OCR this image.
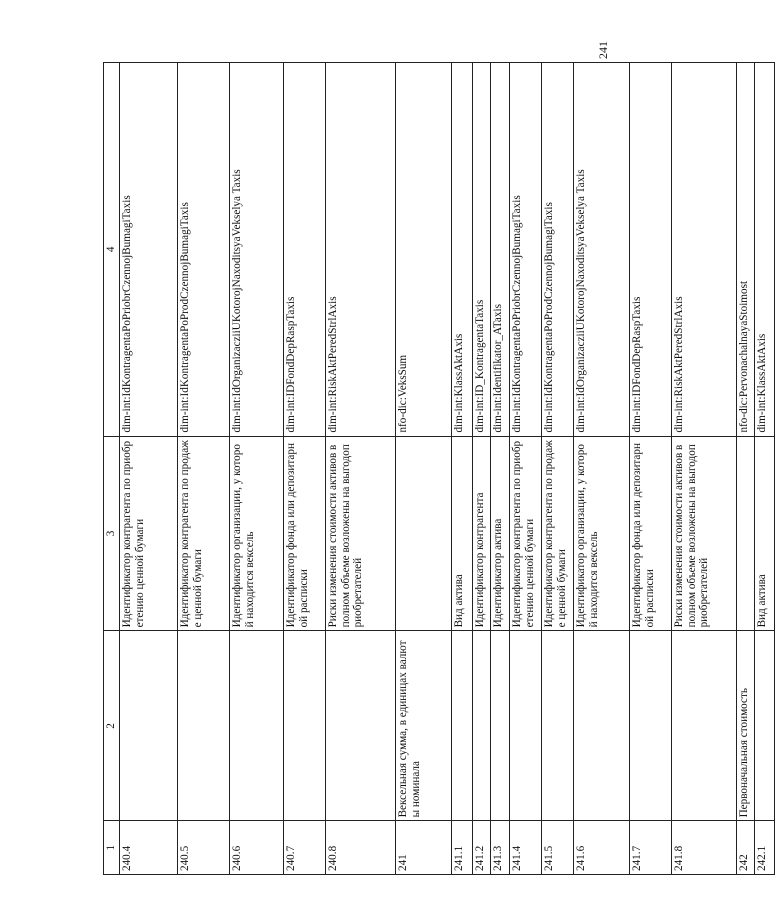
1	2	3	4
240.4		Идентификатор контрагента по приобретению ценной бумаги	dim-int:IdKontragentaPoPriobrCzennojBumagiTaxis
240.5		Идентификатор контрагента по продаже ценной бумаги	dim-int:IdKontragentaPoProdCzennojBumagiTaxis
240.6		Идентификатор организации, у которой находится вексель	dim-int:IdOrganizacziiUKotorojNaxoditsyaVekselya Taxis
240.7		Идентификатор фонда или депозитарной расписки	dim-int:IDFondDepRaspTaxis
240.8		Риски изменения стоимости активов в полном объеме возложены на выгодоприобретателей	dim-int:RiskAktPeredStrlAxis
241	Вексельная сумма, в единицах валюты номинала		nfo-dic:VeksSum
241.1		Вид актива	dim-int:KlassAktAxis
241.2		Идентификатор контрагента	dim-int:ID_KontragentaTaxis
241.3		Идентификатор актива	dim-int:Identifikator_ATaxis
241.4		Идентификатор контрагента по приобретению ценной бумаги	dim-int:IdKontragentaPoPriobrCzennojBumagiTaxis
241.5		Идентификатор контрагента по продаже ценной бумаги	dim-int:IdKontragentaPoProdCzennojBumagiTaxis
241.6		Идентификатор организации, у которой находится вексель	dim-int:IdOrganizacziiUKotorojNaxoditsyaVekselya Taxis
241.7		Идентификатор фонда или депозитарной расписки	dim-int:IDFondDepRaspTaxis
241.8		Риски изменения стоимости активов в полном объеме возложены на выгодоприобретателей	dim-int:RiskAktPeredStrlAxis
242	Первоначальная стоимость		nfo-dic:PervonachalnayaStoimost
242.1		Вид актива	dim-int:KlassAktAxis
241
